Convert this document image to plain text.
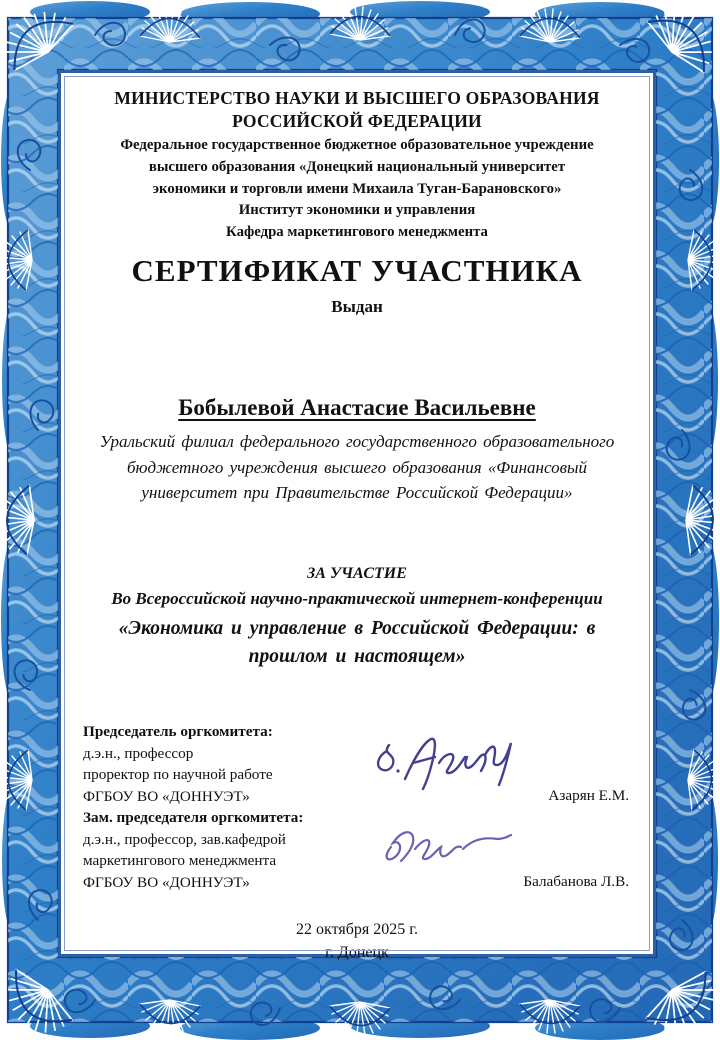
МИНИСТЕРСТВО НАУКИ И ВЫСШЕГО ОБРАЗОВАНИЯ
РОССИЙСКОЙ ФЕДЕРАЦИИ
Федеральное государственное бюджетное образовательное учреждение
высшего образования «Донецкий национальный университет
экономики и торговли имени Михаила Туган-Барановского»
Институт экономики и управления
Кафедра маркетингового менеджмента
СЕРТИФИКАТ УЧАСТНИКА
Выдан
Бобылевой Анастасие Васильевне
Уральский филиал федерального государственного образовательного
бюджетного учреждения высшего образования «Финансовый
университет при Правительстве Российской Федерации»
ЗА УЧАСТИЕ
Во Всероссийской научно-практической интернет-конференции
«Экономика и управление в Российской Федерации: в
прошлом и настоящем»
Председатель оргкомитета:
д.э.н., профессор
проректор по научной работе
ФГБОУ ВО «ДОННУЭТ»
Зам. председателя оргкомитета:
д.э.н., профессор, зав.кафедрой
маркетингового менеджмента
ФГБОУ ВО «ДОННУЭТ»
Азарян Е.М.
Балабанова Л.В.
22 октября 2025 г.
г. Донецк
